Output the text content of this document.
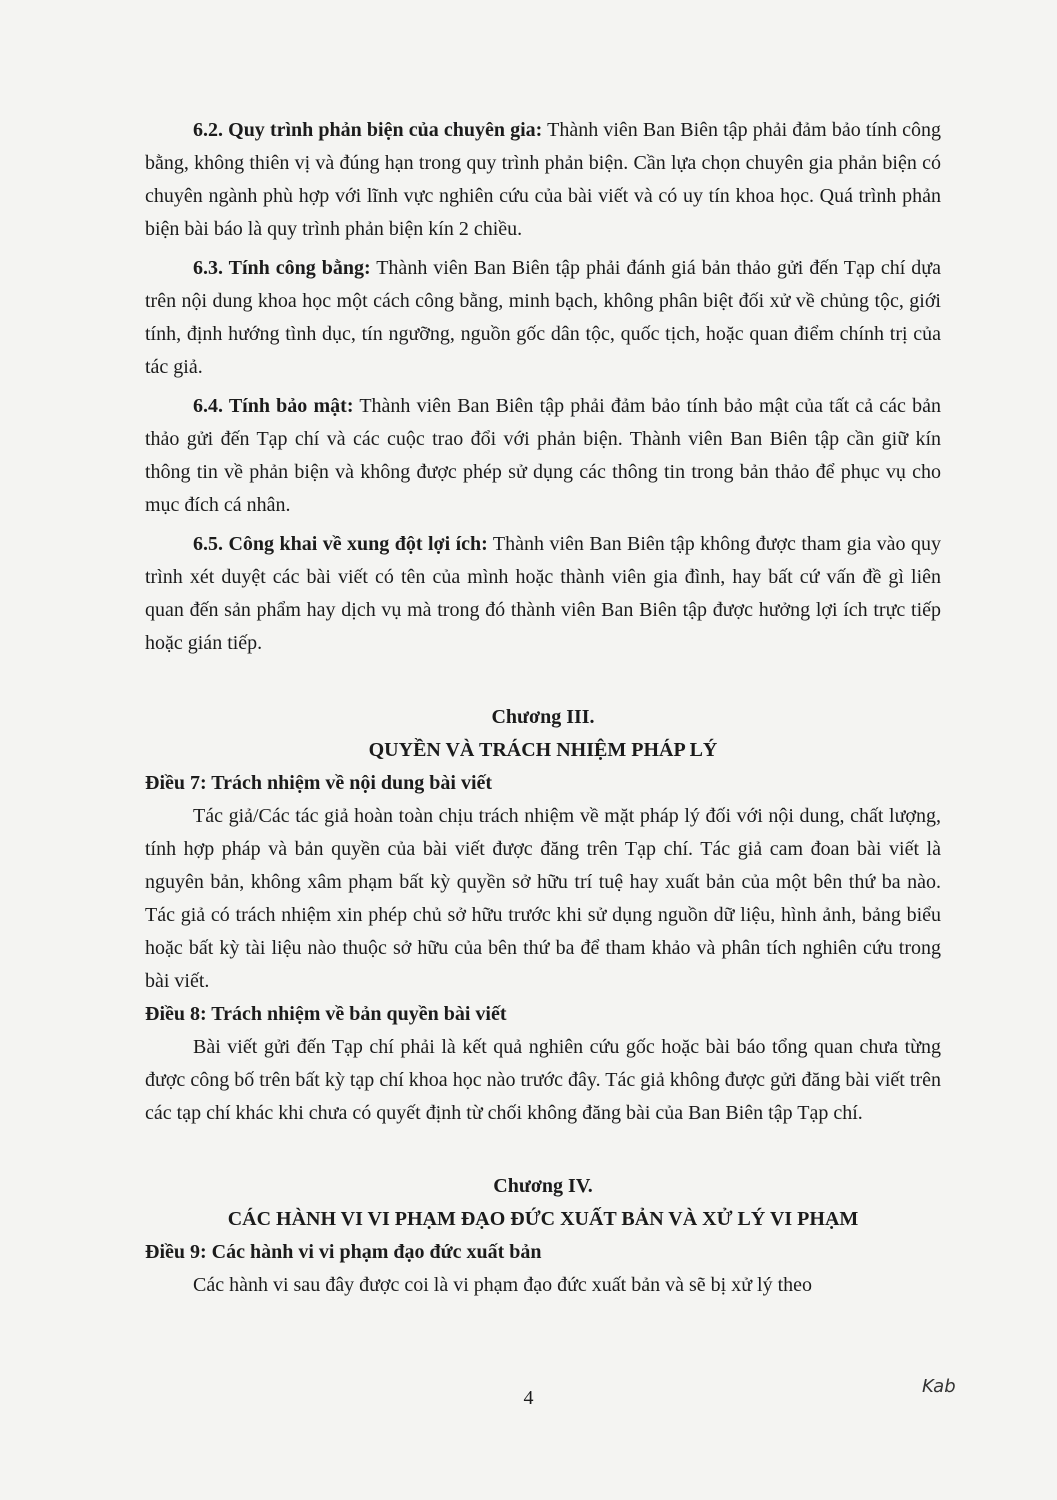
6.2. Quy trình phản biện của chuyên gia: Thành viên Ban Biên tập phải đảm bảo tính công bằng, không thiên vị và đúng hạn trong quy trình phản biện. Cần lựa chọn chuyên gia phản biện có chuyên ngành phù hợp với lĩnh vực nghiên cứu của bài viết và có uy tín khoa học. Quá trình phản biện bài báo là quy trình phản biện kín 2 chiều.

6.3. Tính công bằng: Thành viên Ban Biên tập phải đánh giá bản thảo gửi đến Tạp chí dựa trên nội dung khoa học một cách công bằng, minh bạch, không phân biệt đối xử về chủng tộc, giới tính, định hướng tình dục, tín ngưỡng, nguồn gốc dân tộc, quốc tịch, hoặc quan điểm chính trị của tác giả.

6.4. Tính bảo mật: Thành viên Ban Biên tập phải đảm bảo tính bảo mật của tất cả các bản thảo gửi đến Tạp chí và các cuộc trao đổi với phản biện. Thành viên Ban Biên tập cần giữ kín thông tin về phản biện và không được phép sử dụng các thông tin trong bản thảo để phục vụ cho mục đích cá nhân.

6.5. Công khai về xung đột lợi ích: Thành viên Ban Biên tập không được tham gia vào quy trình xét duyệt các bài viết có tên của mình hoặc thành viên gia đình, hay bất cứ vấn đề gì liên quan đến sản phẩm hay dịch vụ mà trong đó thành viên Ban Biên tập được hưởng lợi ích trực tiếp hoặc gián tiếp.

Chương III.

QUYỀN VÀ TRÁCH NHIỆM PHÁP LÝ

Điều 7: Trách nhiệm về nội dung bài viết

Tác giả/Các tác giả hoàn toàn chịu trách nhiệm về mặt pháp lý đối với nội dung, chất lượng, tính hợp pháp và bản quyền của bài viết được đăng trên Tạp chí. Tác giả cam đoan bài viết là nguyên bản, không xâm phạm bất kỳ quyền sở hữu trí tuệ hay xuất bản của một bên thứ ba nào. Tác giả có trách nhiệm xin phép chủ sở hữu trước khi sử dụng nguồn dữ liệu, hình ảnh, bảng biểu hoặc bất kỳ tài liệu nào thuộc sở hữu của bên thứ ba để tham khảo và phân tích nghiên cứu trong bài viết.

Điều 8: Trách nhiệm về bản quyền bài viết

Bài viết gửi đến Tạp chí phải là kết quả nghiên cứu gốc hoặc bài báo tổng quan chưa từng được công bố trên bất kỳ tạp chí khoa học nào trước đây. Tác giả không được gửi đăng bài viết trên các tạp chí khác khi chưa có quyết định từ chối không đăng bài của Ban Biên tập Tạp chí.

Chương IV.

CÁC HÀNH VI VI PHẠM ĐẠO ĐỨC XUẤT BẢN VÀ XỬ LÝ VI PHẠM

Điều 9: Các hành vi vi phạm đạo đức xuất bản

Các hành vi sau đây được coi là vi phạm đạo đức xuất bản và sẽ bị xử lý theo

4
Kab
